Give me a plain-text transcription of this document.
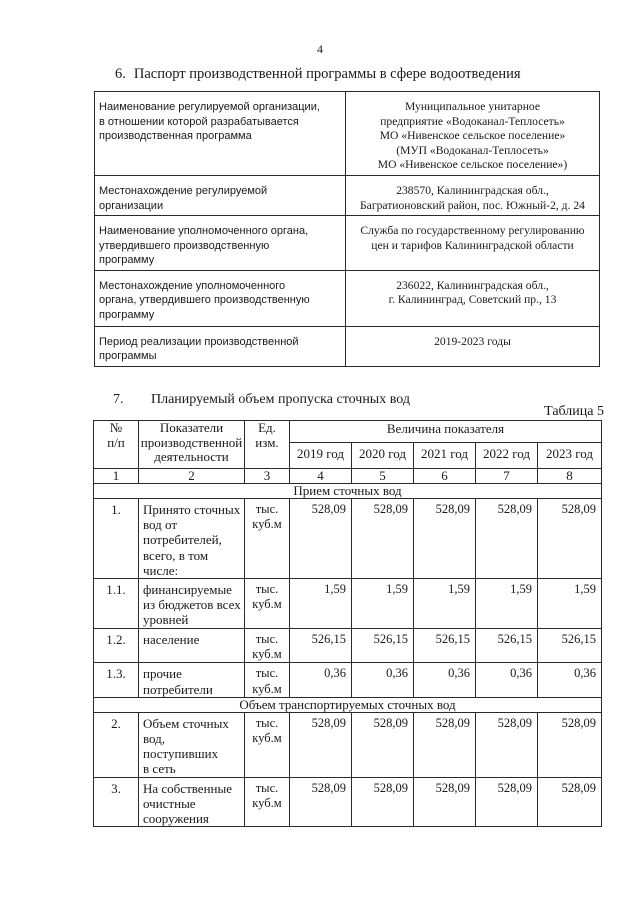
4
6. Паспорт производственной программы в сфере водоотведения
Наименование регулируемой организации,
в отношении которой разрабатывается
производственная программа	Муниципальное унитарное
предприятие «Водоканал-Теплосеть»
МО «Нивенское сельское поселение»
(МУП «Водоканал-Теплосеть»
МО «Нивенское сельское поселение»)
Местонахождение регулируемой
организации	238570, Калининградская обл.,
Багратионовский район, пос. Южный-2, д. 24
Наименование уполномоченного органа,
утвердившего производственную
программу	Служба по государственному регулированию
цен и тарифов Калининградской области
Местонахождение уполномоченного
органа, утвердившего производственную
программу	236022, Калининградская обл.,
г. Калининград, Советский пр., 13
Период реализации производственной
программы	2019-2023 годы
7. Планируемый объем пропуска сточных вод
Таблица 5
№
п/п	Показатели
производственной
деятельности	Ед.
изм.	Величина показателя				
			2019 год	2020 год	2021 год	2022 год	2023 год
1	2	3	4	5	6	7	8
Прием сточных вод							
1.	Принято сточных
вод от
потребителей,
всего, в том
числе:	тыс.
куб.м	528,09	528,09	528,09	528,09	528,09
1.1.	финансируемые
из бюджетов всех
уровней	тыс.
куб.м	1,59	1,59	1,59	1,59	1,59
1.2.	население	тыс.
куб.м	526,15	526,15	526,15	526,15	526,15
1.3.	прочие
потребители	тыс.
куб.м	0,36	0,36	0,36	0,36	0,36
Объем транспортируемых сточных вод							
2.	Объем сточных
вод, поступивших
в сеть	тыс.
куб.м	528,09	528,09	528,09	528,09	528,09
3.	На собственные
очистные
сооружения	тыс.
куб.м	528,09	528,09	528,09	528,09	528,09
